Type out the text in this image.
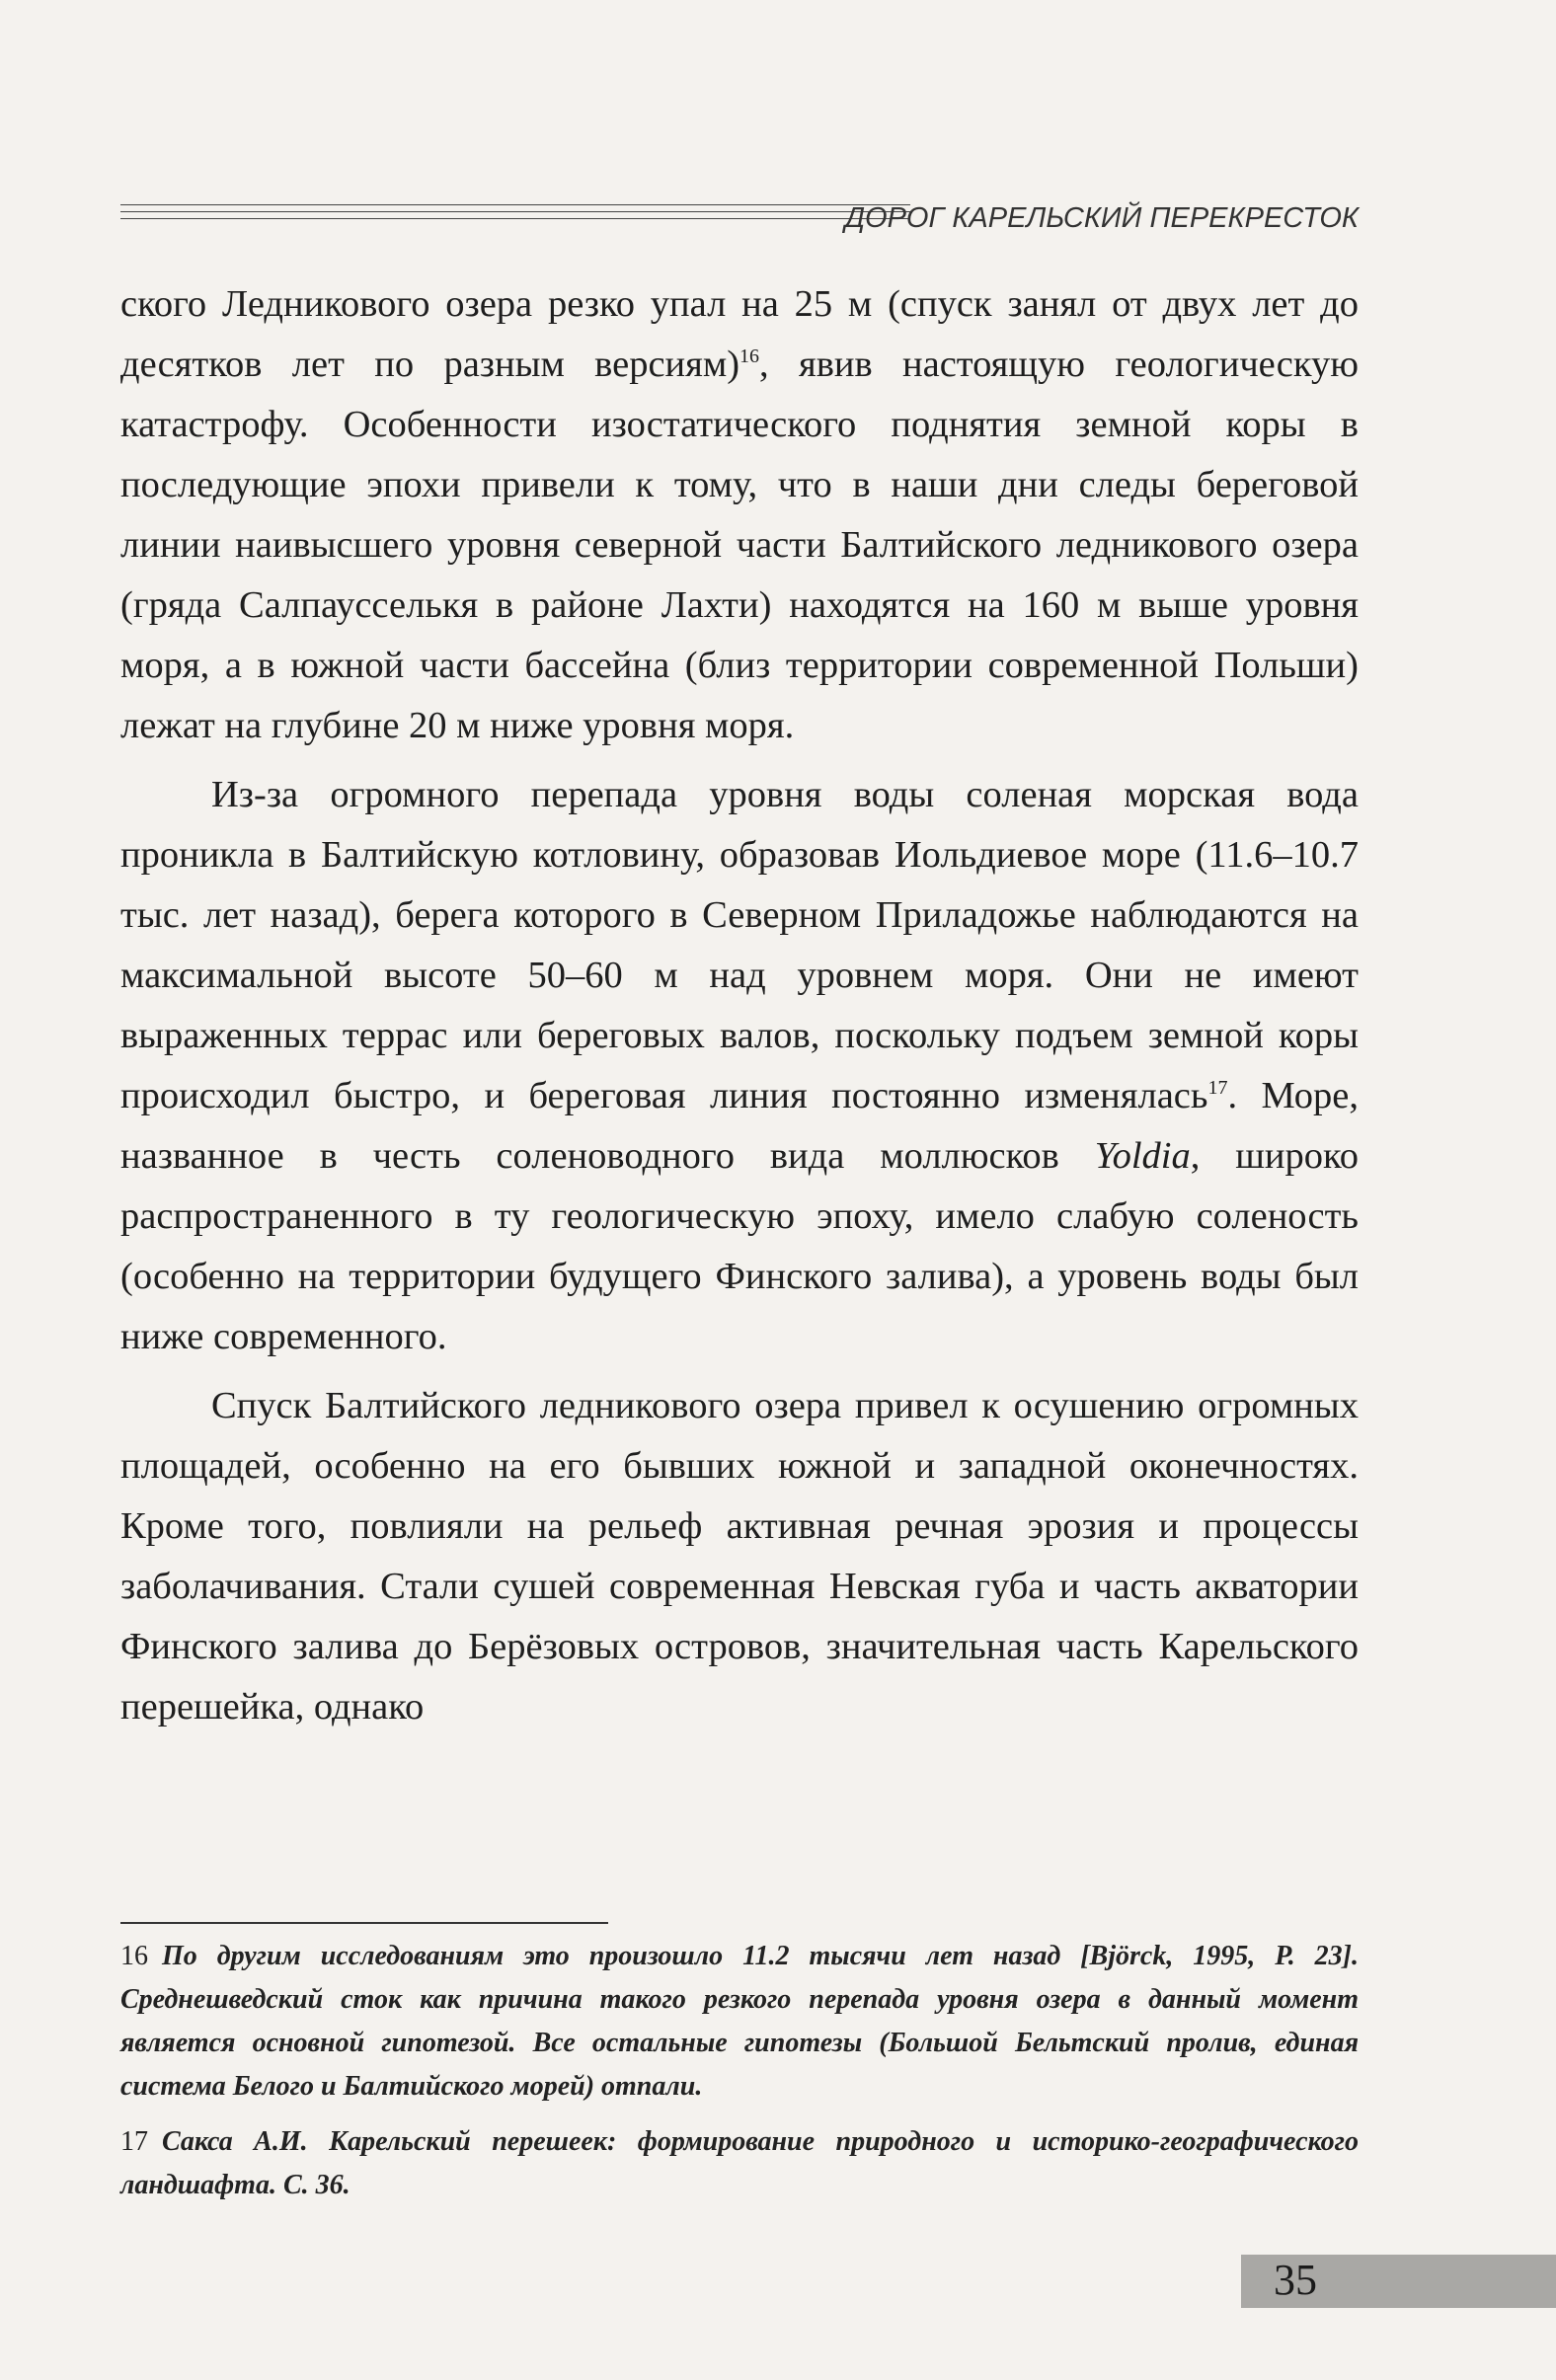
ДОРОГ КАРЕЛЬСКИЙ ПЕРЕКРЕСТОК

ского Ледникового озера резко упал на 25 м (спуск занял от двух лет до десятков лет по разным версиям)$^{16}$, явив настоящую геологическую катастрофу. Особенности изостатического поднятия земной коры в последующие эпохи привели к тому, что в наши дни следы береговой линии наивысшего уровня северной части Балтийского ледникового озера (гряда Салпаусселькя в районе Лахти) находятся на 160 м выше уровня моря, а в южной части бассейна (близ территории современной Польши) лежат на глубине 20 м ниже уровня моря.

Из-за огромного перепада уровня воды соленая морская вода проникла в Балтийскую котловину, образовав Иольдиевое море (11.6–10.7 тыс. лет назад), берега которого в Северном Приладожье наблюдаются на максимальной высоте 50–60 м над уровнем моря. Они не имеют выраженных террас или береговых валов, поскольку подъем земной коры происходил быстро, и береговая линия постоянно изменялась$^{17}$. Море, названное в честь соленоводного вида моллюсков Yoldia, широко распространенного в ту геологическую эпоху, имело слабую соленость (особенно на территории будущего Финского залива), а уровень воды был ниже современного.

Спуск Балтийского ледникового озера привел к осушению огромных площадей, особенно на его бывших южной и западной оконечностях. Кроме того, повлияли на рельеф активная речная эрозия и процессы заболачивания. Стали сушей современная Невская губа и часть акватории Финского залива до Берёзовых островов, значительная часть Карельского перешейка, однако

16 По другим исследованиям это произошло 11.2 тысячи лет назад [Björck, 1995, P. 23]. Среднешведский сток как причина такого резкого перепада уровня озера в данный момент является основной гипотезой. Все остальные гипотезы (Большой Бельтский пролив, единая система Белого и Балтийского морей) отпали.
17 Сакса А.И. Карельский перешеек: формирование природного и историко-географического ландшафта. С. 36.
35
